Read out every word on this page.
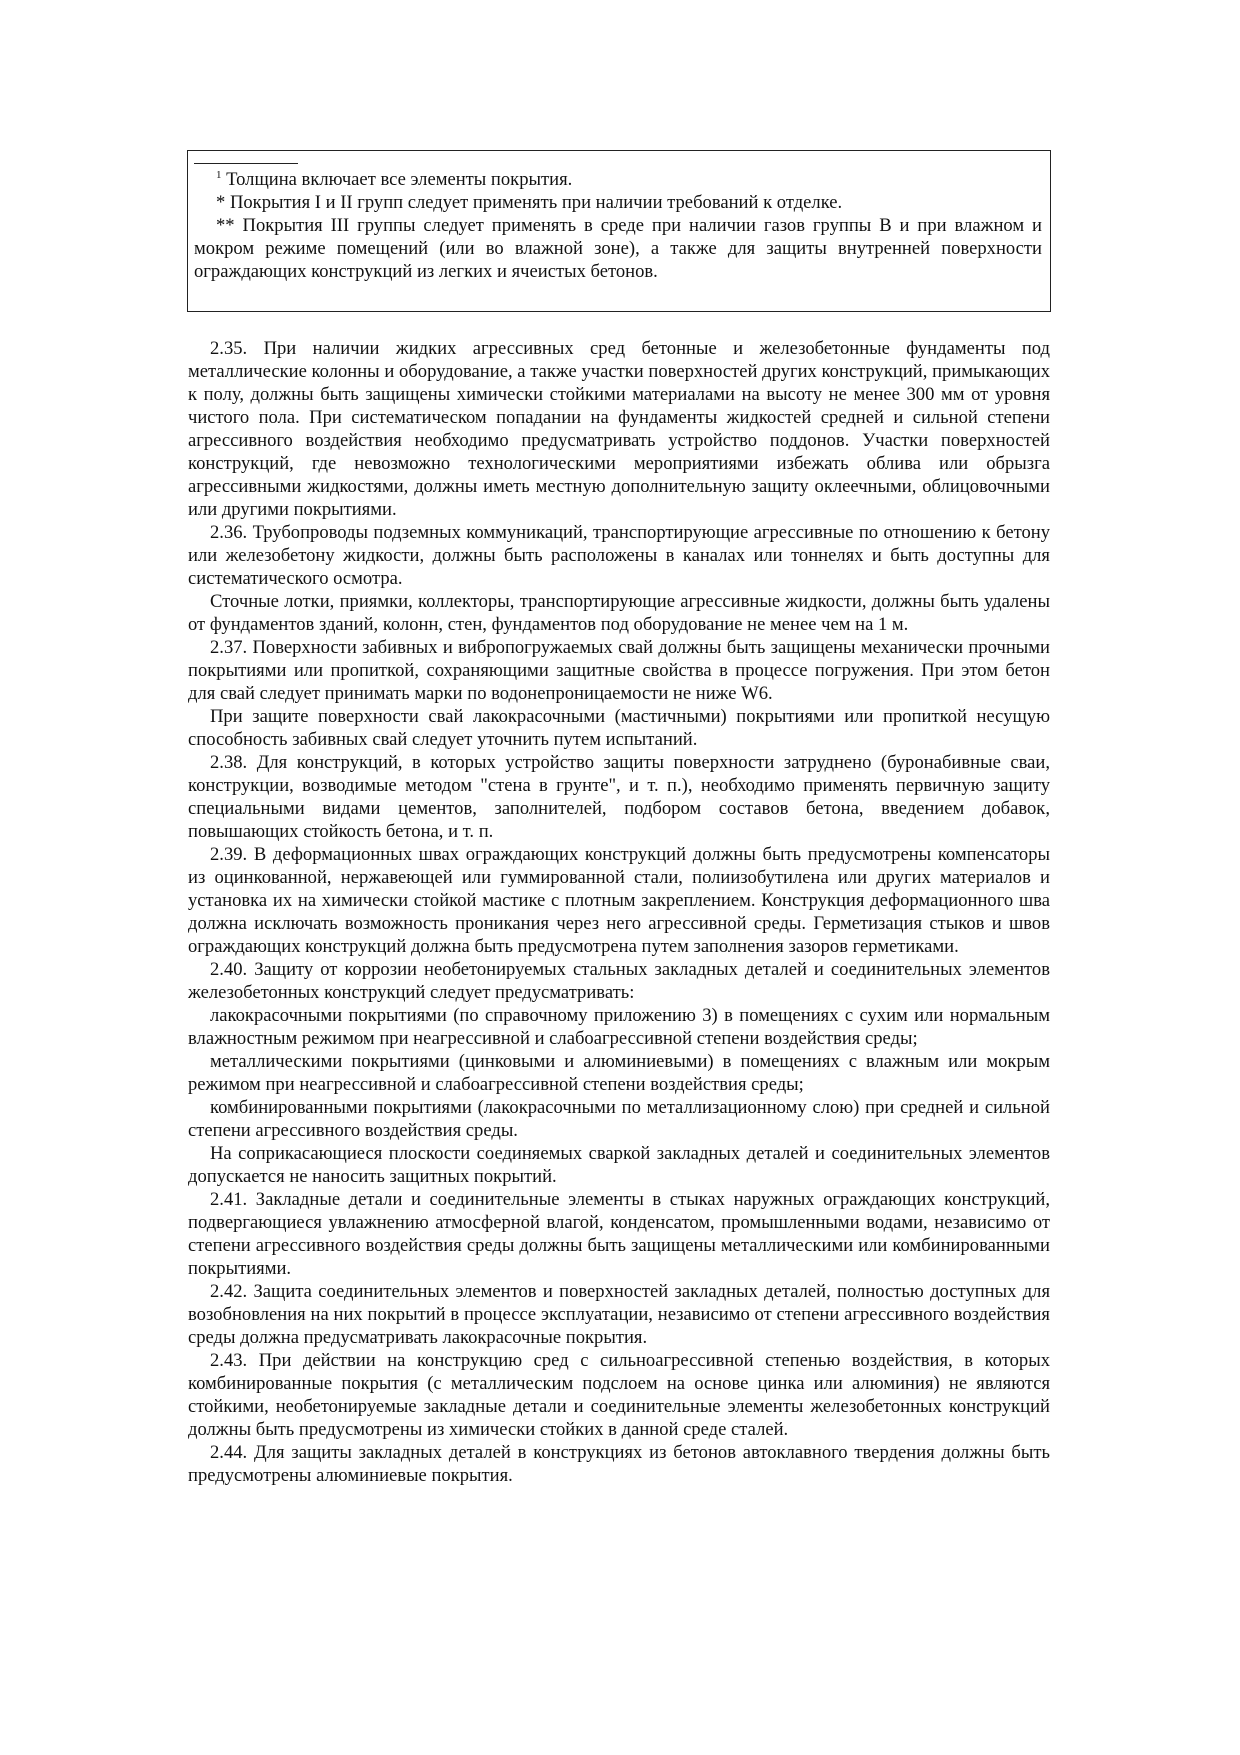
$^1$ Толщина включает все элементы покрытия.

* Покрытия I и II групп следует применять при наличии требований к отделке.

** Покрытия III группы следует применять в среде при наличии газов группы В и при влажном и мокром режиме помещений (или во влажной зоне), а также для защиты внутренней поверхности ограждающих конструкций из легких и ячеистых бетонов.

2.35. При наличии жидких агрессивных сред бетонные и железобетонные фундаменты под металлические колонны и оборудование, а также участки поверхностей других конструкций, примыкающих к полу, должны быть защищены химически стойкими материалами на высоту не менее 300 мм от уровня чистого пола. При систематическом попадании на фундаменты жидкостей средней и сильной степени агрессивного воздействия необходимо предусматривать устройство поддонов. Участки поверхностей конструкций, где невозможно технологическими мероприятиями избежать облива или обрызга агрессивными жидкостями, должны иметь местную дополнительную защиту оклеечными, облицовочными или другими покрытиями.

2.36. Трубопроводы подземных коммуникаций, транспортирующие агрессивные по отношению к бетону или железобетону жидкости, должны быть расположены в каналах или тоннелях и быть доступны для систематического осмотра.

Сточные лотки, приямки, коллекторы, транспортирующие агрессивные жидкости, должны быть удалены от фундаментов зданий, колонн, стен, фундаментов под оборудование не менее чем на 1 м.

2.37. Поверхности забивных и вибропогружаемых свай должны быть защищены механически прочными покрытиями или пропиткой, сохраняющими защитные свойства в процессе погружения. При этом бетон для свай следует принимать марки по водонепроницаемости не ниже W6.

При защите поверхности свай лакокрасочными (мастичными) покрытиями или пропиткой несущую способность забивных свай следует уточнить путем испытаний.

2.38. Для конструкций, в которых устройство защиты поверхности затруднено (буронабивные сваи, конструкции, возводимые методом "стена в грунте", и т. п.), необходимо применять первичную защиту специальными видами цементов, заполнителей, подбором составов бетона, введением добавок, повышающих стойкость бетона, и т. п.

2.39. В деформационных швах ограждающих конструкций должны быть предусмотрены компенсаторы из оцинкованной, нержавеющей или гуммированной стали, полиизобутилена или других материалов и установка их на химически стойкой мастике с плотным закреплением. Конструкция деформационного шва должна исключать возможность проникания через него агрессивной среды. Герметизация стыков и швов ограждающих конструкций должна быть предусмотрена путем заполнения зазоров герметиками.

2.40. Защиту от коррозии необетонируемых стальных закладных деталей и соединительных элементов железобетонных конструкций следует предусматривать:

лакокрасочными покрытиями (по справочному приложению 3) в помещениях с сухим или нормальным влажностным режимом при неагрессивной и слабоагрессивной степени воздействия среды;

металлическими покрытиями (цинковыми и алюминиевыми) в помещениях с влажным или мокрым режимом при неагрессивной и слабоагрессивной степени воздействия среды;

комбинированными покрытиями (лакокрасочными по металлизационному слою) при средней и сильной степени агрессивного воздействия среды.

На соприкасающиеся плоскости соединяемых сваркой закладных деталей и соединительных элементов допускается не наносить защитных покрытий.

2.41. Закладные детали и соединительные элементы в стыках наружных ограждающих конструкций, подвергающиеся увлажнению атмосферной влагой, конденсатом, промышленными водами, независимо от степени агрессивного воздействия среды должны быть защищены металлическими или комбинированными покрытиями.

2.42. Защита соединительных элементов и поверхностей закладных деталей, полностью доступных для возобновления на них покрытий в процессе эксплуатации, независимо от степени агрессивного воздействия среды должна предусматривать лакокрасочные покрытия.

2.43. При действии на конструкцию сред с сильноагрессивной степенью воздействия, в которых комбинированные покрытия (с металлическим подслоем на основе цинка или алюминия) не являются стойкими, необетонируемые закладные детали и соединительные элементы железобетонных конструкций должны быть предусмотрены из химически стойких в данной среде сталей.

2.44. Для защиты закладных деталей в конструкциях из бетонов автоклавного твердения должны быть предусмотрены алюминиевые покрытия.
